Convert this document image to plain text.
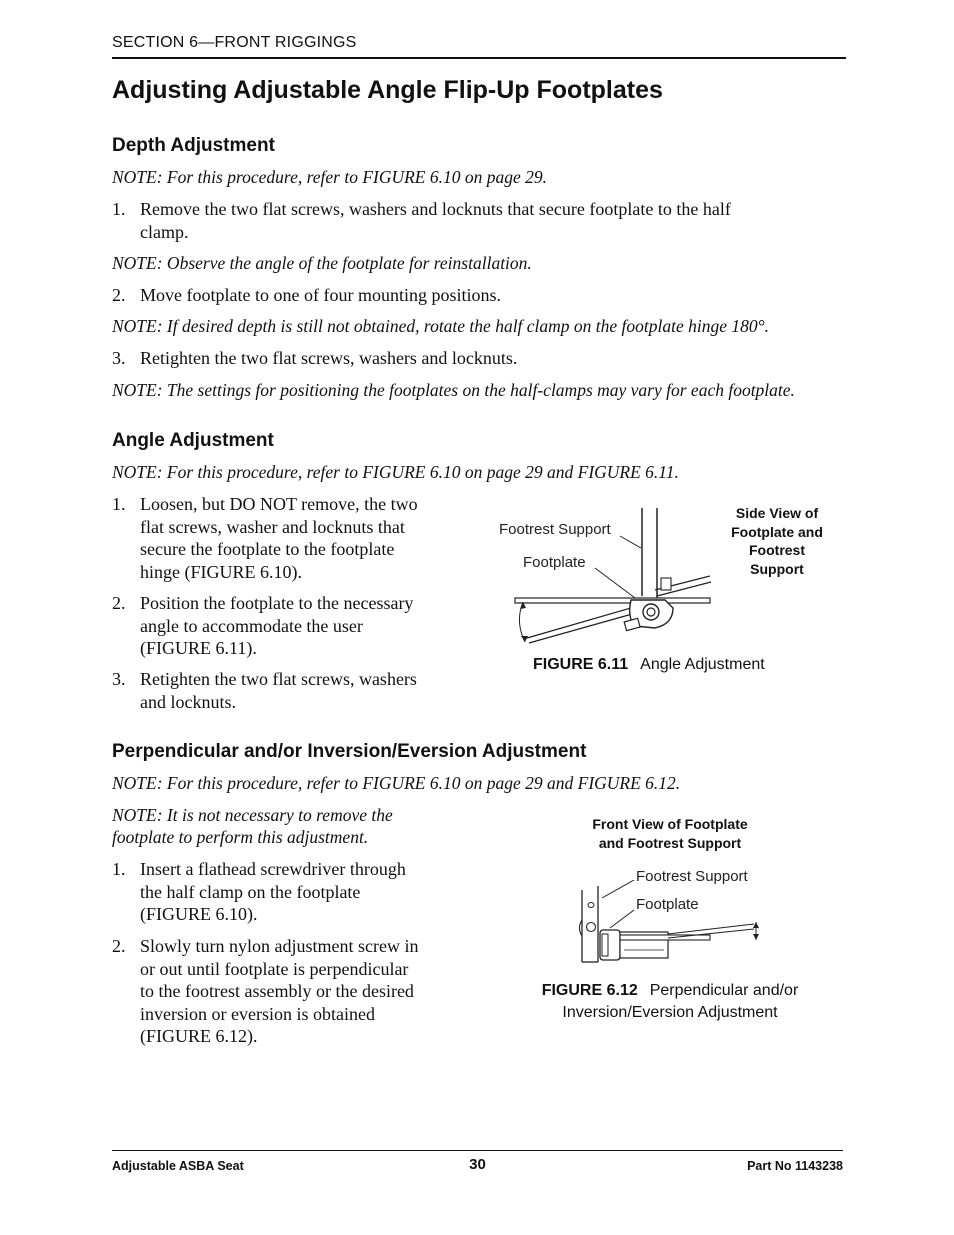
SECTION 6—FRONT RIGGINGS
Adjusting Adjustable Angle Flip-Up Footplates
Depth Adjustment

NOTE: For this procedure, refer to FIGURE 6.10 on page 29.

1. Remove the two flat screws, washers and locknuts that secure footplate to the half
clamp.

NOTE: Observe the angle of the footplate for reinstallation.

2. Move footplate to one of four mounting positions.

NOTE: If desired depth is still not obtained, rotate the half clamp on the footplate hinge 180°.

3. Retighten the two flat screws, washers and locknuts.

NOTE: The settings for positioning the footplates on the half-clamps may vary for each footplate.

Angle Adjustment

NOTE: For this procedure, refer to FIGURE 6.10 on page 29 and FIGURE 6.11.

1. Loosen, but DO NOT remove, the two
flat screws, washer and locknuts that
secure the footplate to the footplate
hinge (FIGURE 6.10).
2. Position the footplate to the necessary
angle to accommodate the user
(FIGURE 6.11).
3. Retighten the two flat screws, washers
and locknuts.
Footrest Support
Footplate
Side View of
Footplate and
Footrest
Support
FIGURE 6.11 Angle Adjustment
Perpendicular and/or Inversion/Eversion Adjustment

NOTE: For this procedure, refer to FIGURE 6.10 on page 29 and FIGURE 6.12.

NOTE: It is not necessary to remove the
footplate to perform this adjustment.
1. Insert a flathead screwdriver through
the half clamp on the footplate
(FIGURE 6.10).
2. Slowly turn nylon adjustment screw in
or out until footplate is perpendicular
to the footrest assembly or the desired
inversion or eversion is obtained
(FIGURE 6.12).
Front View of Footplate
and Footrest Support
Footrest Support
Footplate
FIGURE 6.12 Perpendicular and/or
Inversion/Eversion Adjustment
Adjustable ASBA Seat	30	Part No 1143238
